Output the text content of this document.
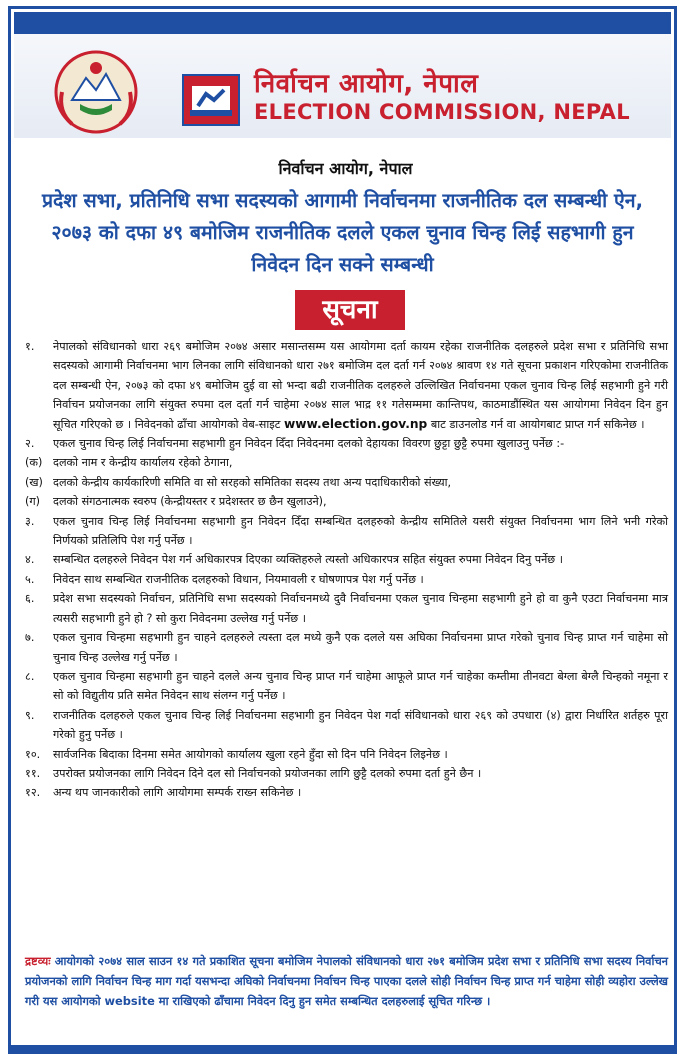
निर्वाचन आयोग, नेपाल
ELECTION COMMISSION, NEPAL
निर्वाचन आयोग, नेपाल
प्रदेश सभा, प्रतिनिधि सभा सदस्यको आगामी निर्वाचनमा राजनीतिक दल सम्बन्धी ऐन, २०७३ को दफा ४९ बमोजिम राजनीतिक दलले एकल चुनाव चिन्ह लिई सहभागी हुन निवेदन दिन सक्ने सम्बन्धी
सूचना
१.	नेपालको संविधानको धारा २६९ बमोजिम २०७४ असार मसान्तसम्म यस आयोगमा दर्ता कायम रहेका राजनीतिक दलहरुले प्रदेश सभा र प्रतिनिधि सभा सदस्यको आगामी निर्वाचनमा भाग लिनका लागि संविधानको धारा २७१ बमोजिम दल दर्ता गर्न २०७४ श्रावण १४ गते सूचना प्रकाशन गरिएकोमा राजनीतिक दल सम्बन्धी ऐन, २०७३ को दफा ४९ बमोजिम दुई वा सो भन्दा बढी राजनीतिक दलहरुले उल्लिखित निर्वाचनमा एकल चुनाव चिन्ह लिई सहभागी हुने गरी निर्वाचन प्रयोजनका लागि संयुक्त रुपमा दल दर्ता गर्न चाहेमा २०७४ साल भाद्र ११ गतेसम्ममा कान्तिपथ, काठमाडौंस्थित यस आयोगमा निवेदन दिन हुन सूचित गरिएको छ । निवेदनको ढाँचा आयोगको वेब-साइट www.election.gov.np बाट डाउनलोड गर्न वा आयोगबाट प्राप्त गर्न सकिनेछ ।
२.	एकल चुनाव चिन्ह लिई निर्वाचनमा सहभागी हुन निवेदन दिँदा निवेदनमा दलको देहायका विवरण छुट्टा छुट्टै रुपमा खुलाउनु पर्नेछ :-
(क) दलको नाम र केन्द्रीय कार्यालय रहेको ठेगाना,
(ख) दलको केन्द्रीय कार्यकारिणी समिति वा सो सरहको समितिका सदस्य तथा अन्य पदाधिकारीको संख्या,
(ग)	दलको संगठनात्मक स्वरुप (केन्द्रीयस्तर र प्रदेशस्तर छ छैन खुलाउने),
३.	एकल चुनाव चिन्ह लिई निर्वाचनमा सहभागी हुन निवेदन दिँदा सम्बन्धित दलहरुको केन्द्रीय समितिले यसरी संयुक्त निर्वाचनमा भाग लिने भनी गरेको निर्णयको प्रतिलिपि पेश गर्नु पर्नेछ ।
४.	सम्बन्धित दलहरुले निवेदन पेश गर्न अधिकारपत्र दिएका व्यक्तिहरुले त्यस्तो अधिकारपत्र सहित संयुक्त रुपमा निवेदन दिनु पर्नेछ ।
५.	निवेदन साथ सम्बन्धित राजनीतिक दलहरुको विधान, नियमावली र घोषणापत्र पेश गर्नु पर्नेछ ।
६.	प्रदेश सभा सदस्यको निर्वाचन, प्रतिनिधि सभा सदस्यको निर्वाचनमध्ये दुवै निर्वाचनमा एकल चुनाव चिन्हमा सहभागी हुने हो वा कुनै एउटा निर्वाचनमा मात्र त्यसरी सहभागी हुने हो ? सो कुरा निवेदनमा उल्लेख गर्नु पर्नेछ ।
७.	एकल चुनाव चिन्हमा सहभागी हुन चाहने दलहरुले त्यस्ता दल मध्ये कुनै एक दलले यस अघिका निर्वाचनमा प्राप्त गरेको चुनाव चिन्ह प्राप्त गर्न चाहेमा सो चुनाव चिन्ह उल्लेख गर्नु पर्नेछ ।
८.	एकल चुनाव चिन्हमा सहभागी हुन चाहने दलले अन्य चुनाव चिन्ह प्राप्त गर्न चाहेमा आफूले प्राप्त गर्न चाहेका कम्तीमा तीनवटा बेग्ला बेग्लै चिन्हको नमूना र सो को विद्युतीय प्रति समेत निवेदन साथ संलग्न गर्नु पर्नेछ ।
९.	राजनीतिक दलहरुले एकल चुनाव चिन्ह लिई निर्वाचनमा सहभागी हुन निवेदन पेश गर्दा संविधानको धारा २६९ को उपधारा (४) द्वारा निर्धारित शर्तहरु पूरा गरेको हुनु पर्नेछ ।
१०.	सार्वजनिक बिदाका दिनमा समेत आयोगको कार्यालय खुला रहने हुँदा सो दिन पनि निवेदन लिइनेछ ।
११.	उपरोक्त प्रयोजनका लागि निवेदन दिने दल सो निर्वाचनको प्रयोजनका लागि छुट्टै दलको रुपमा दर्ता हुने छैन ।
१२.	अन्य थप जानकारीको लागि आयोगमा सम्पर्क राख्न सकिनेछ ।
द्रष्टव्यः आयोगको २०७४ साल साउन १४ गते प्रकाशित सूचना बमोजिम नेपालको संविधानको धारा २७१ बमोजिम प्रदेश सभा र प्रतिनिधि सभा सदस्य निर्वाचन प्रयोजनको लागि निर्वाचन चिन्ह माग गर्दा यसभन्दा अघिको निर्वाचनमा निर्वाचन चिन्ह पाएका दलले सोही निर्वाचन चिन्ह प्राप्त गर्न चाहेमा सोही व्यहोरा उल्लेख गरी यस आयोगको website मा राखिएको ढाँचामा निवेदन दिनु हुन समेत सम्बन्धित दलहरुलाई सूचित गरिन्छ ।
